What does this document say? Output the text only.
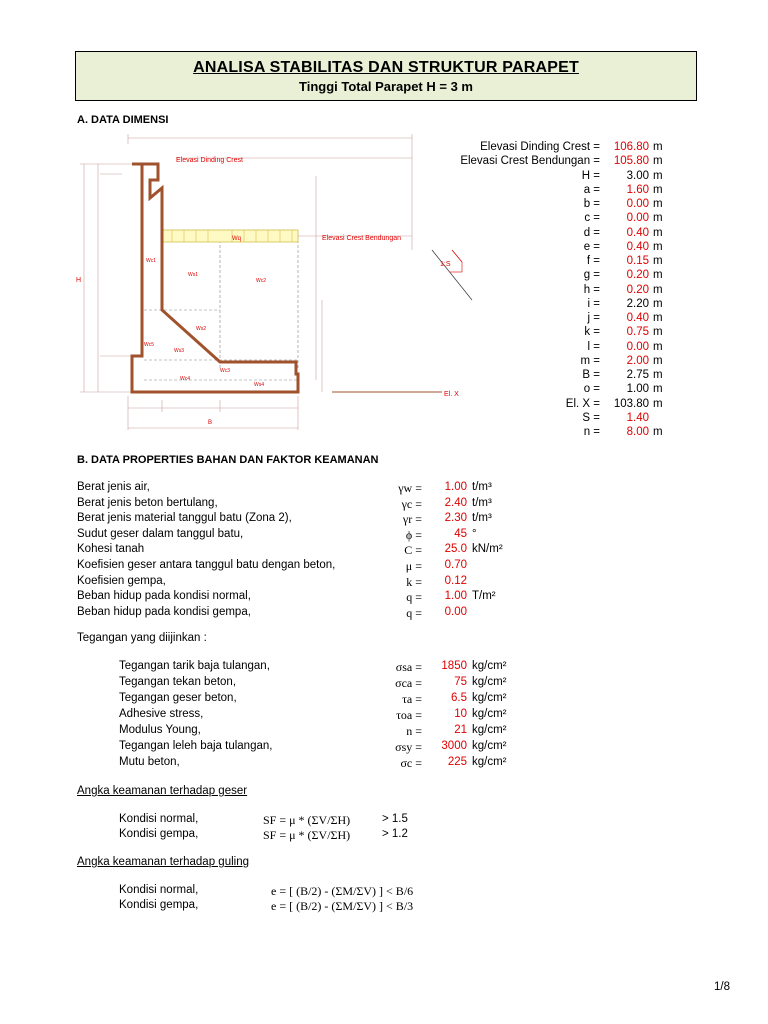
ANALISA STABILITAS DAN STRUKTUR PARAPET
Tinggi Total Parapet H = 3 m
A. DATA DIMENSI
Elevasi Dinding Crest
Elevasi Crest Bendungan
El. X
1:S
H
B
Wq
Wc1
Wc2
Ws1
Ws2
Ws3
Wc3
Wc4
Ws4
Wc5
Elevasi Dinding Crest =	106.80 m
Elevasi Crest Bendungan =	105.80 m
H =	3.00 m
a =	1.60 m
b =	0.00 m
c =	0.00 m
d =	0.40 m
e =	0.40 m
f =	0.15 m
g =	0.20 m
h =	0.20 m
i =	2.20 m
j =	0.40 m
k =	0.75 m
l =	0.00 m
m =	2.00 m
B =	2.75 m
o =	1.00 m
El. X =	103.80 m
S =	1.40
n =	8.00 m
B. DATA PROPERTIES BAHAN DAN FAKTOR KEAMANAN
Berat jenis air,	γw =	1.00 t/m³
Berat jenis beton bertulang,	γc =	2.40 t/m³
Berat jenis material tanggul batu (Zona 2),	γr =	2.30 t/m³
Sudut geser dalam tanggul batu,	ϕ =	45 °
Kohesi tanah	C =	25.0 kN/m²
Koefisien geser antara tanggul batu dengan beton,	μ =	0.70
Koefisien gempa,	k =	0.12
Beban hidup pada kondisi normal,	q =	1.00 T/m²
Beban hidup pada kondisi gempa,	q =	0.00
Tegangan yang diijinkan :
Tegangan tarik baja tulangan,	σsa =	1850 kg/cm²
Tegangan tekan beton,	σca =	75 kg/cm²
Tegangan geser beton,	τa =	6.5 kg/cm²
Adhesive stress,	τoa =	10 kg/cm²
Modulus Young,	n =	21 kg/cm²
Tegangan leleh baja tulangan,	σsy =	3000 kg/cm²
Mutu beton,	σc =	225 kg/cm²
Angka keamanan terhadap geser
Kondisi normal,	SF = μ * (ΣV/ΣH)	> 1.5
Kondisi gempa,	SF = μ * (ΣV/ΣH)	> 1.2
Angka keamanan terhadap guling
Kondisi normal,	e = [ (B/2) - (ΣM/ΣV) ] < B/6
Kondisi gempa,	e = [ (B/2) - (ΣM/ΣV) ] < B/3
1/8
